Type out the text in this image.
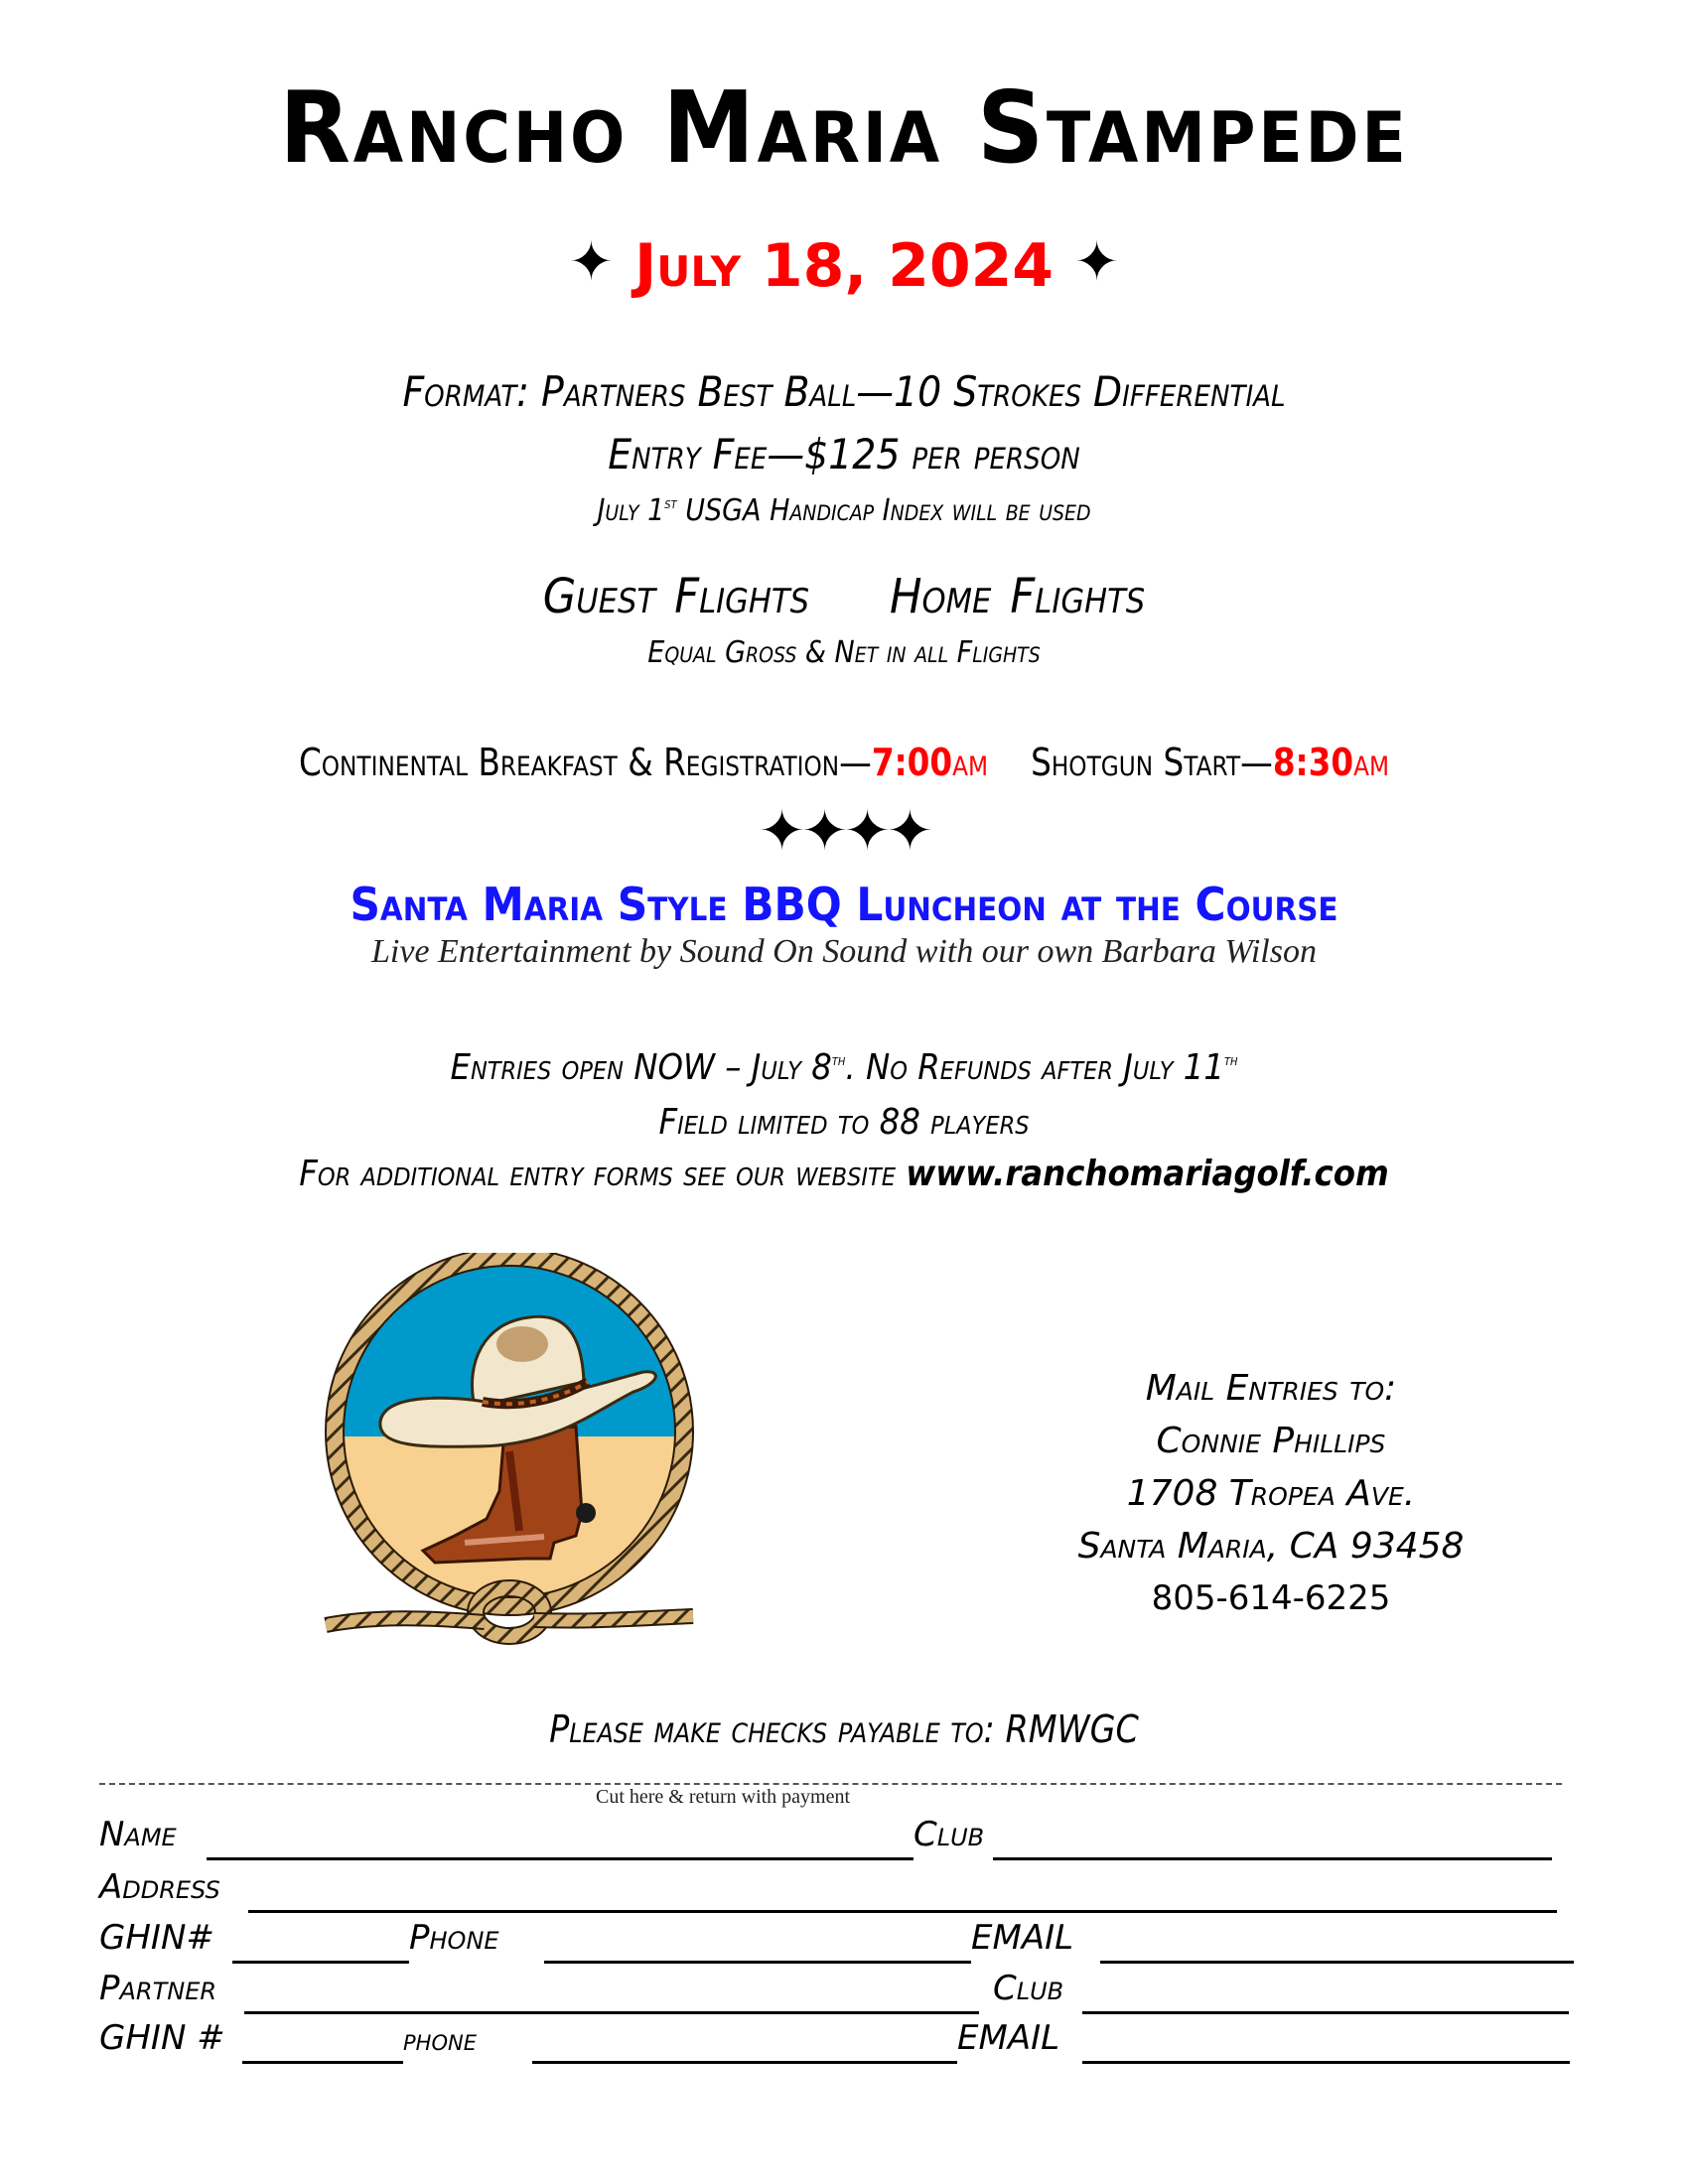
Rancho Maria Stampede
✦ July 18, 2024 ✦
Format: Partners Best Ball—10 Strokes Differential
Entry Fee—$125 per person
July 1st USGA Handicap Index will be used
Guest Flights Home Flights
Equal Gross & Net in all Flights
Continental Breakfast & Registration—7:00am Shotgun Start—8:30am
✦✦✦✦
Santa Maria Style BBQ Luncheon at the Course
Live Entertainment by Sound On Sound with our own Barbara Wilson
Entries open NOW – July 8th. No Refunds after July 11th
Field limited to 88 players
For additional entry forms see our website www.ranchomariagolf.com
Mail Entries to:
Connie Phillips
1708 Tropea Ave.
Santa Maria, CA 93458
805-614-6225
Please make checks payable to: RMWGC
Cut here & return with payment
Name	Club
Address
GHIN#	Phone	EMAIL
Partner	Club
GHIN #	phone	EMAIL
